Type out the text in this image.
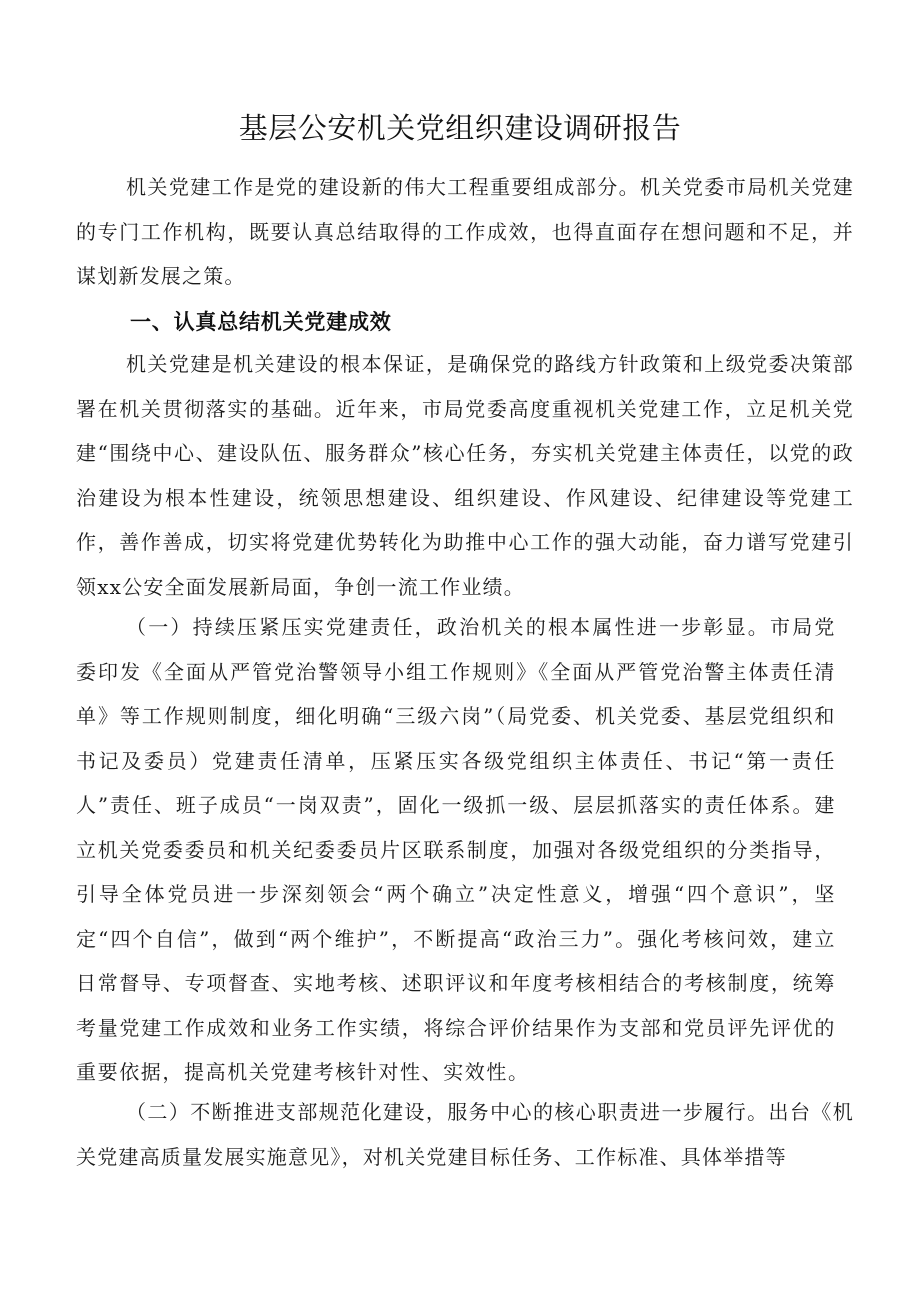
基层公安机关党组织建设调研报告

机关党建工作是党的建设新的伟大工程重要组成部分。机关党委市局机关党建的专门工作机构，既要认真总结取得的工作成效，也得直面存在想问题和不足，并谋划新发展之策。

一、认真总结机关党建成效

机关党建是机关建设的根本保证，是确保党的路线方针政策和上级党委决策部署在机关贯彻落实的基础。近年来，市局党委高度重视机关党建工作，立足机关党建“围绕中心、建设队伍、服务群众”核心任务，夯实机关党建主体责任，以党的政治建设为根本性建设，统领思想建设、组织建设、作风建设、纪律建设等党建工作，善作善成，切实将党建优势转化为助推中心工作的强大动能，奋力谱写党建引领xx公安全面发展新局面，争创一流工作业绩。

（一）持续压紧压实党建责任，政治机关的根本属性进一步彰显。市局党委印发《全面从严管党治警领导小组工作规则》《全面从严管党治警主体责任清单》等工作规则制度，细化明确“三级六岗”（局党委、机关党委、基层党组织和书记及委员）党建责任清单，压紧压实各级党组织主体责任、书记“第一责任人”责任、班子成员“一岗双责”，固化一级抓一级、层层抓落实的责任体系。建立机关党委委员和机关纪委委员片区联系制度，加强对各级党组织的分类指导，引导全体党员进一步深刻领会“两个确立”决定性意义，增强“四个意识”，坚定“四个自信”，做到“两个维护”，不断提高“政治三力”。强化考核问效，建立日常督导、专项督查、实地考核、述职评议和年度考核相结合的考核制度，统筹考量党建工作成效和业务工作实绩，将综合评价结果作为支部和党员评先评优的重要依据，提高机关党建考核针对性、实效性。

（二）不断推进支部规范化建设，服务中心的核心职责进一步履行。出台《机关党建高质量发展实施意见》，对机关党建目标任务、工作标准、具体举措等
